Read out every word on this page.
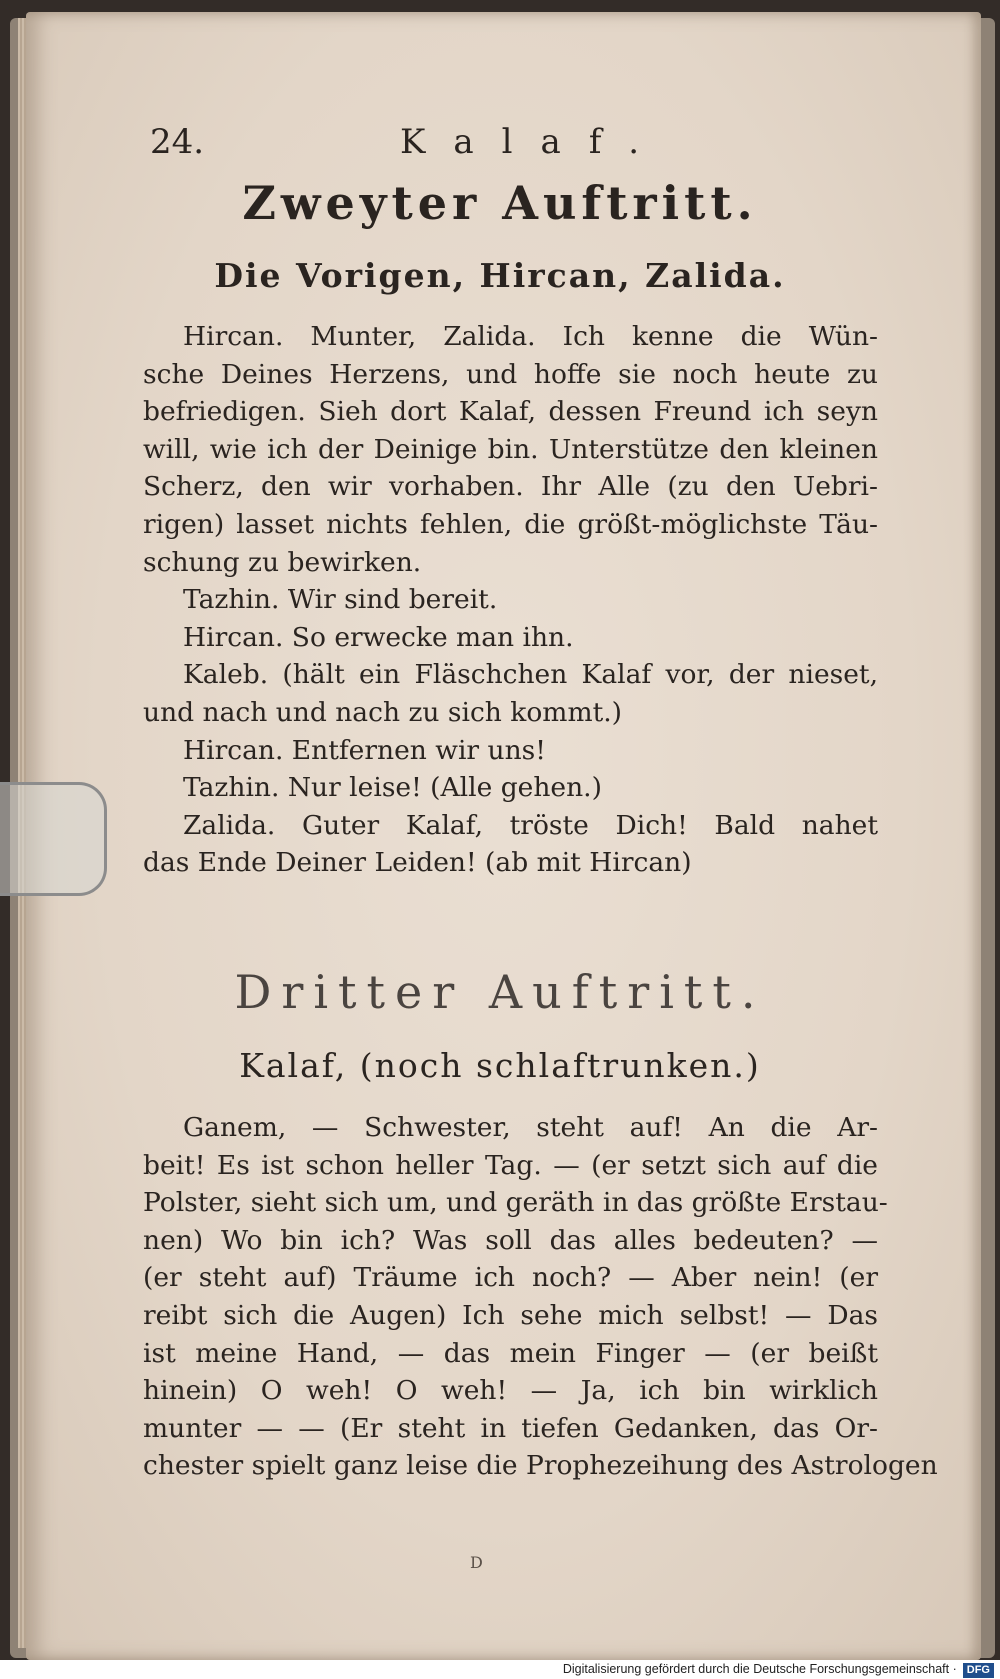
24.	Kalaf.
Zweyter Auftritt.
Die Vorigen, Hircan, Zalida.
Hircan. Munter, Zalida. Ich kenne die Wün-
sche Deines Herzens, und hoffe sie noch heute zu
befriedigen. Sieh dort Kalaf, dessen Freund ich seyn
will, wie ich der Deinige bin. Unterstütze den kleinen
Scherz, den wir vorhaben. Ihr Alle (zu den Uebri-
rigen) lasset nichts fehlen, die größt-möglichste Täu-
schung zu bewirken.
Tazhin. Wir sind bereit.
Hircan. So erwecke man ihn.
Kaleb. (hält ein Fläschchen Kalaf vor, der nieset,
und nach und nach zu sich kommt.)
Hircan. Entfernen wir uns!
Tazhin. Nur leise! (Alle gehen.)
Zalida. Guter Kalaf, tröste Dich! Bald nahet
das Ende Deiner Leiden! (ab mit Hircan)
Dritter Auftritt.
Kalaf, (noch schlaftrunken.)
Ganem, — Schwester, steht auf! An die Ar-
beit! Es ist schon heller Tag. — (er setzt sich auf die
Polster, sieht sich um, und geräth in das größte Erstau-
nen) Wo bin ich? Was soll das alles bedeuten? —
(er steht auf) Träume ich noch? — Aber nein! (er
reibt sich die Augen) Ich sehe mich selbst! — Das
ist meine Hand, — das mein Finger — (er beißt
hinein) O weh! O weh! — Ja, ich bin wirklich
munter — — (Er steht in tiefen Gedanken, das Or-
chester spielt ganz leise die Prophezeihung des Astrologen
D
Digitalisierung gefördert durch die Deutsche Forschungsgemeinschaft · DFG
